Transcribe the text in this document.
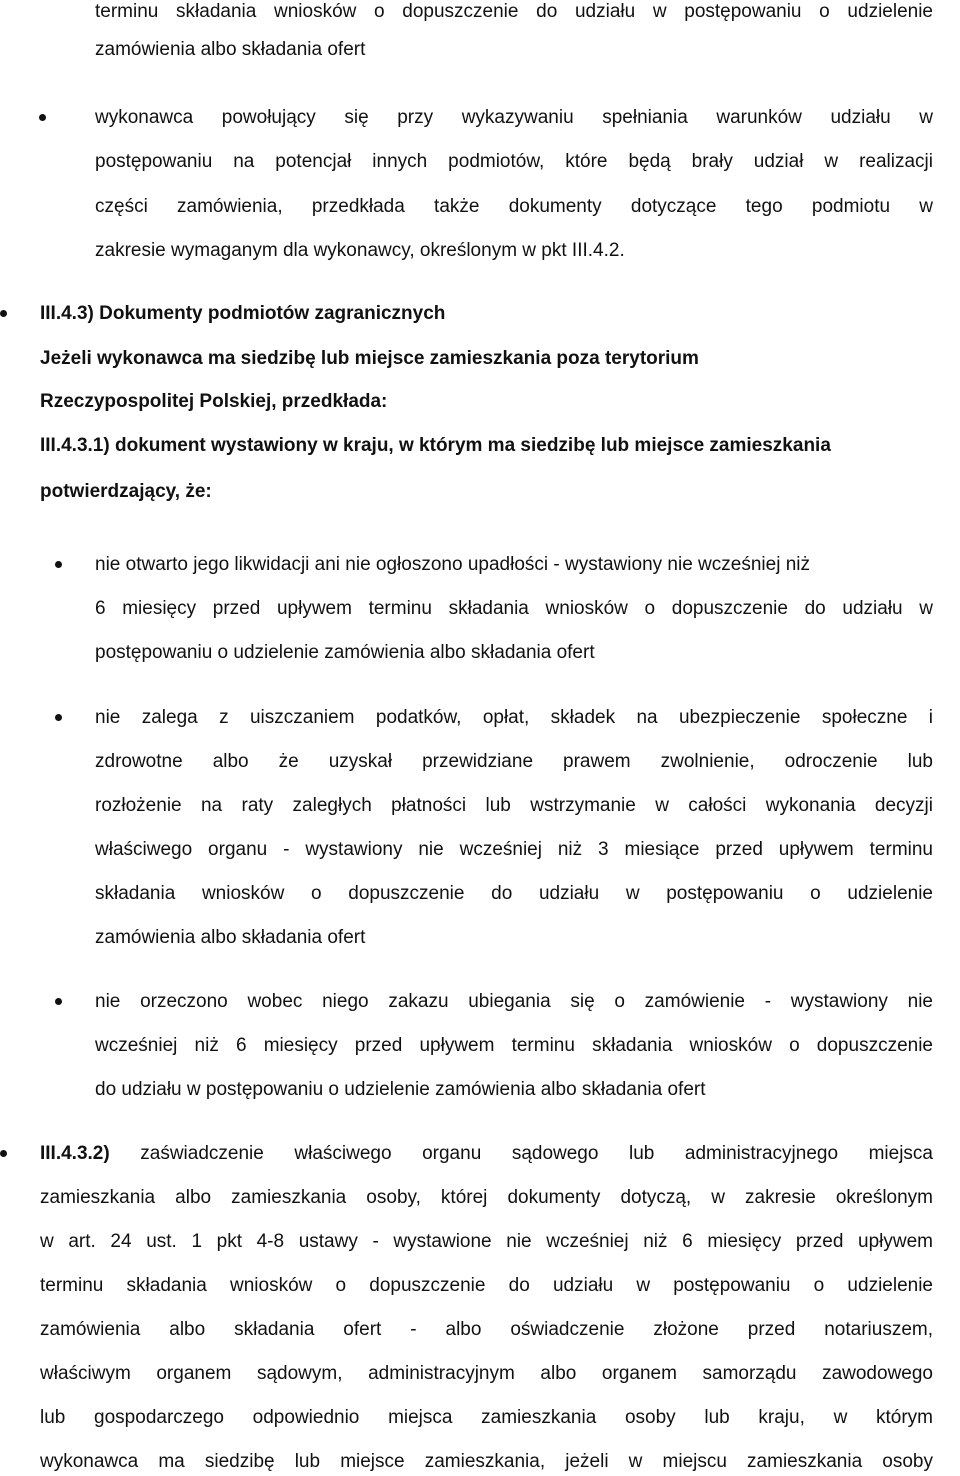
terminu składania wniosków o dopuszczenie do udziału w postępowaniu o udzielenie
zamówienia albo składania ofert
wykonawca powołujący się przy wykazywaniu spełniania warunków udziału w
postępowaniu na potencjał innych podmiotów, które będą brały udział w realizacji
części zamówienia, przedkłada także dokumenty dotyczące tego podmiotu w
zakresie wymaganym dla wykonawcy, określonym w pkt III.4.2.
III.4.3) Dokumenty podmiotów zagranicznych
Jeżeli wykonawca ma siedzibę lub miejsce zamieszkania poza terytorium
Rzeczypospolitej Polskiej, przedkłada:
III.4.3.1) dokument wystawiony w kraju, w którym ma siedzibę lub miejsce zamieszkania
potwierdzający, że:
nie otwarto jego likwidacji ani nie ogłoszono upadłości - wystawiony nie wcześniej niż
6 miesięcy przed upływem terminu składania wniosków o dopuszczenie do udziału w
postępowaniu o udzielenie zamówienia albo składania ofert
nie zalega z uiszczaniem podatków, opłat, składek na ubezpieczenie społeczne i
zdrowotne albo że uzyskał przewidziane prawem zwolnienie, odroczenie lub
rozłożenie na raty zaległych płatności lub wstrzymanie w całości wykonania decyzji
właściwego organu - wystawiony nie wcześniej niż 3 miesiące przed upływem terminu
składania wniosków o dopuszczenie do udziału w postępowaniu o udzielenie
zamówienia albo składania ofert
nie orzeczono wobec niego zakazu ubiegania się o zamówienie - wystawiony nie
wcześniej niż 6 miesięcy przed upływem terminu składania wniosków o dopuszczenie
do udziału w postępowaniu o udzielenie zamówienia albo składania ofert
III.4.3.2) zaświadczenie właściwego organu sądowego lub administracyjnego miejsca
zamieszkania albo zamieszkania osoby, której dokumenty dotyczą, w zakresie określonym
w art. 24 ust. 1 pkt 4-8 ustawy - wystawione nie wcześniej niż 6 miesięcy przed upływem
terminu składania wniosków o dopuszczenie do udziału w postępowaniu o udzielenie
zamówienia albo składania ofert - albo oświadczenie złożone przed notariuszem,
właściwym organem sądowym, administracyjnym albo organem samorządu zawodowego
lub gospodarczego odpowiednio miejsca zamieszkania osoby lub kraju, w którym
wykonawca ma siedzibę lub miejsce zamieszkania, jeżeli w miejscu zamieszkania osoby
